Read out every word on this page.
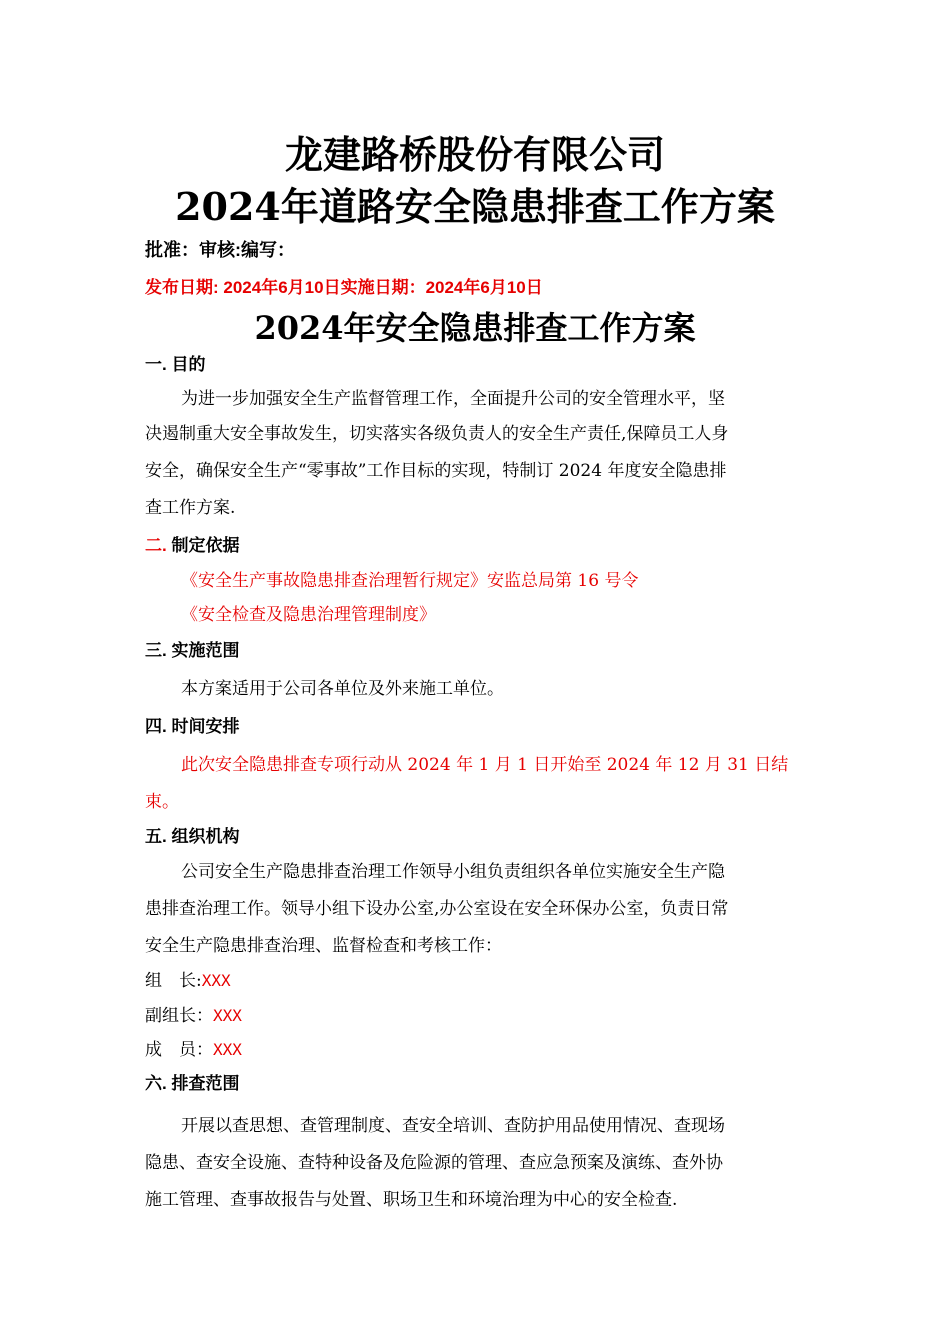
龙建路桥股份有限公司
2024年道路安全隐患排查工作方案
批准：审核:编写：
发布日期: 2024年6月10日实施日期：2024年6月10日
2024年安全隐患排查工作方案
一. 目的
为进一步加强安全生产监督管理工作，全面提升公司的安全管理水平，坚
决遏制重大安全事故发生，切实落实各级负责人的安全生产责任,保障员工人身
安全，确保安全生产“零事故”工作目标的实现，特制订 2024 年度安全隐患排
查工作方案.
二. 制定依据
《安全生产事故隐患排查治理暂行规定》安监总局第 16 号令
《安全检查及隐患治理管理制度》
三. 实施范围
本方案适用于公司各单位及外来施工单位。
四. 时间安排
此次安全隐患排查专项行动从 2024 年 1 月 1 日开始至 2024 年 12 月 31 日结
束。
五. 组织机构
公司安全生产隐患排查治理工作领导小组负责组织各单位实施安全生产隐
患排查治理工作。领导小组下设办公室,办公室设在安全环保办公室，负责日常
安全生产隐患排查治理、监督检查和考核工作：
组　长:XXX
副组长：XXX
成　员：XXX
六. 排查范围
开展以查思想、查管理制度、查安全培训、查防护用品使用情况、查现场
隐患、查安全设施、查特种设备及危险源的管理、查应急预案及演练、查外协
施工管理、查事故报告与处置、职场卫生和环境治理为中心的安全检查.
